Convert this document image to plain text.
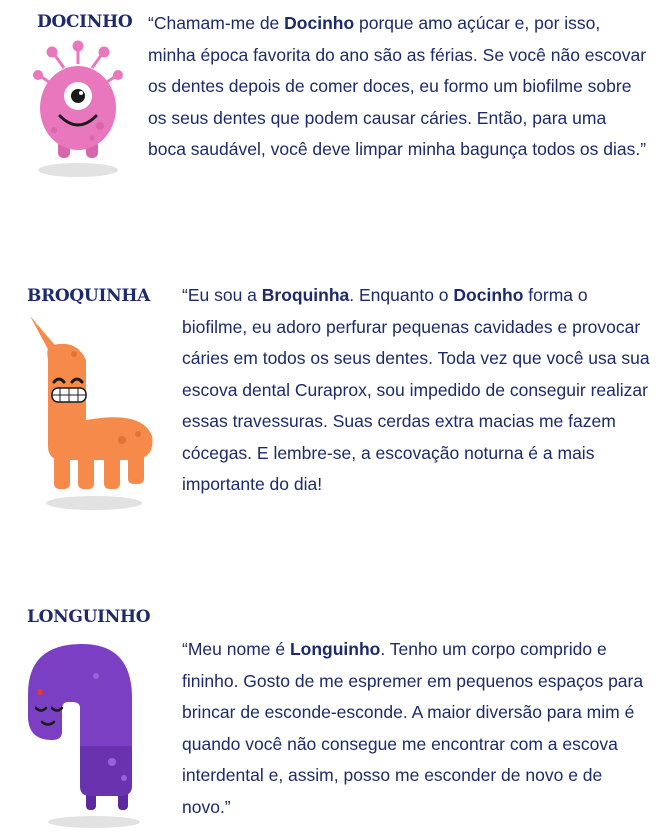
DOCINHO “Chamam-me de Docinho porque amo açúcar e, por isso, minha época favorita do ano são as férias. Se você não escovar os dentes depois de comer doces, eu formo um biofilme sobre os seus dentes que podem causar cáries. Então, para uma boca saudável, você deve limpar minha bagunça todos os dias.”

BROQUINHA “Eu sou a Broquinha. Enquanto o Docinho forma o biofilme, eu adoro perfurar pequenas cavidades e provocar cáries em todos os seus dentes. Toda vez que você usa sua escova dental Curaprox, sou impedido de conseguir realizar essas travessuras. Suas cerdas extra macias me fazem cócegas. E lembre-se, a escovação noturna é a mais importante do dia!

LONGUINHO

“Meu nome é Longuinho. Tenho um corpo comprido e fininho. Gosto de me espremer em pequenos espaços para brincar de esconde-esconde. A maior diversão para mim é quando você não consegue me encontrar com a escova interdental e, assim, posso me esconder de novo e de novo.”
